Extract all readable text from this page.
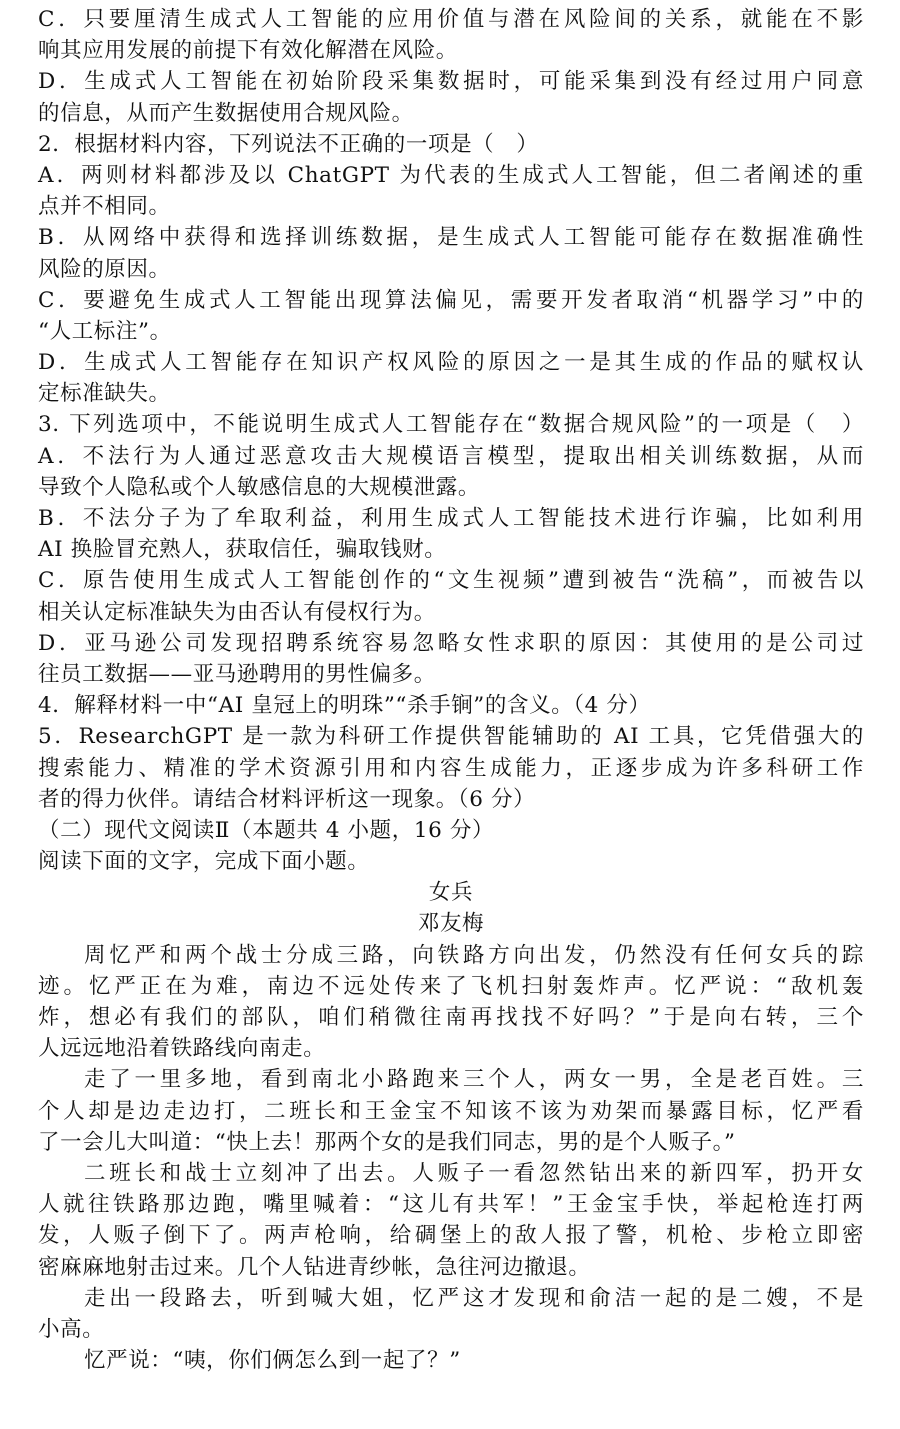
C．只要厘清生成式人工智能的应用价值与潜在风险间的关系，就能在不影
响其应用发展的前提下有效化解潜在风险。
D．生成式人工智能在初始阶段采集数据时，可能采集到没有经过用户同意
的信息，从而产生数据使用合规风险。
2．根据材料内容，下列说法不正确的一项是（　）
A．两则材料都涉及以 ChatGPT 为代表的生成式人工智能，但二者阐述的重
点并不相同。
B．从网络中获得和选择训练数据，是生成式人工智能可能存在数据准确性
风险的原因。
C．要避免生成式人工智能出现算法偏见，需要开发者取消“机器学习”中的
“人工标注”。
D．生成式人工智能存在知识产权风险的原因之一是其生成的作品的赋权认
定标准缺失。
3. 下列选项中，不能说明生成式人工智能存在“数据合规风险”的一项是（　）
A．不法行为人通过恶意攻击大规模语言模型，提取出相关训练数据，从而
导致个人隐私或个人敏感信息的大规模泄露。
B．不法分子为了牟取利益，利用生成式人工智能技术进行诈骗，比如利用
AI 换脸冒充熟人，获取信任，骗取钱财。
C．原告使用生成式人工智能创作的“文生视频”遭到被告“洗稿”，而被告以
相关认定标准缺失为由否认有侵权行为。
D．亚马逊公司发现招聘系统容易忽略女性求职的原因：其使用的是公司过
往员工数据——亚马逊聘用的男性偏多。
4．解释材料一中“AI 皇冠上的明珠”“杀手锏”的含义。（4 分）
5．ResearchGPT 是一款为科研工作提供智能辅助的 AI 工具，它凭借强大的
搜索能力、精准的学术资源引用和内容生成能力，正逐步成为许多科研工作
者的得力伙伴。请结合材料评析这一现象。（6 分）
（二）现代文阅读Ⅱ（本题共 4 小题，16 分）
阅读下面的文字，完成下面小题。
女兵
邓友梅
周忆严和两个战士分成三路，向铁路方向出发，仍然没有任何女兵的踪
迹。忆严正在为难，南边不远处传来了飞机扫射轰炸声。忆严说：“敌机轰
炸，想必有我们的部队，咱们稍微往南再找找不好吗？”于是向右转，三个
人远远地沿着铁路线向南走。
走了一里多地，看到南北小路跑来三个人，两女一男，全是老百姓。三
个人却是边走边打，二班长和王金宝不知该不该为劝架而暴露目标，忆严看
了一会儿大叫道：“快上去！那两个女的是我们同志，男的是个人贩子。”
二班长和战士立刻冲了出去。人贩子一看忽然钻出来的新四军，扔开女
人就往铁路那边跑，嘴里喊着：“这儿有共军！”王金宝手快，举起枪连打两
发，人贩子倒下了。两声枪响，给碉堡上的敌人报了警，机枪、步枪立即密
密麻麻地射击过来。几个人钻进青纱帐，急往河边撤退。
走出一段路去，听到喊大姐，忆严这才发现和俞洁一起的是二嫂，不是
小高。
忆严说：“咦，你们俩怎么到一起了？”
